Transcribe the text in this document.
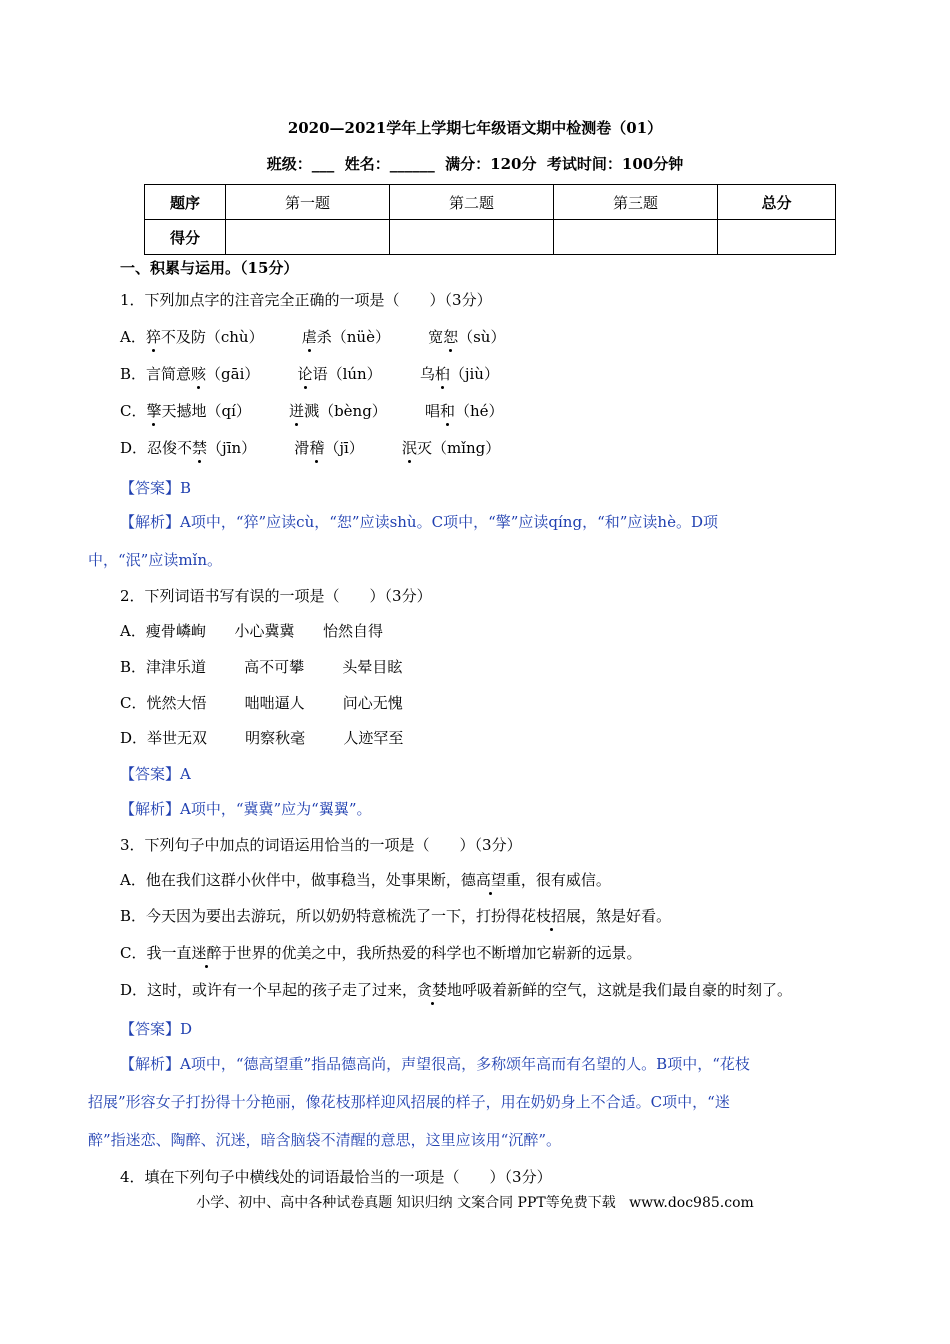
2020—2021学年上学期七年级语文期中检测卷（01）
班级：___  姓名：______  满分：120分  考试时间：100分钟
题序	第一题	第二题	第三题	总分
得分				
一、积累与运用。（15分）
1．下列加点字的注音完全正确的一项是（　　）（3分）
A．猝不及防（chù）        虐杀（nüè）        宽恕（sù）
B．言简意赅（gāi）        论语（lún）        乌桕（jiù）
C．擎天撼地（qí）        迸溅（bèng）        唱和（hé）
D．忍俊不禁（jīn）        滑稽（jī）        泯灭（mǐng）
【答案】B
【解析】A项中，“猝”应读cù，“恕”应读shù。C项中，“擎”应读qíng，“和”应读hè。D项
中，“泯”应读mǐn。
2．下列词语书写有误的一项是（　　）（3分）
A．瘦骨嶙峋      小心冀冀      怡然自得
B．津津乐道        高不可攀        头晕目眩
C．恍然大悟        咄咄逼人        问心无愧
D．举世无双        明察秋毫        人迹罕至
【答案】A
【解析】A项中，“冀冀”应为“翼翼”。
3．下列句子中加点的词语运用恰当的一项是（　　）（3分）
A．他在我们这群小伙伴中，做事稳当，处事果断，德高望重，很有威信。
B．今天因为要出去游玩，所以奶奶特意梳洗了一下，打扮得花枝招展，煞是好看。
C．我一直迷醉于世界的优美之中，我所热爱的科学也不断增加它崭新的远景。
D．这时，或许有一个早起的孩子走了过来，贪婪地呼吸着新鲜的空气，这就是我们最自豪的时刻了。
【答案】D
【解析】A项中，“德高望重”指品德高尚，声望很高，多称颂年高而有名望的人。B项中，“花枝
招展”形容女子打扮得十分艳丽，像花枝那样迎风招展的样子，用在奶奶身上不合适。C项中，“迷
醉”指迷恋、陶醉、沉迷，暗含脑袋不清醒的意思，这里应该用“沉醉”。
4．填在下列句子中横线处的词语最恰当的一项是（　　）（3分）
小学、初中、高中各种试卷真题 知识归纳 文案合同 PPT等免费下载   www.doc985.com
